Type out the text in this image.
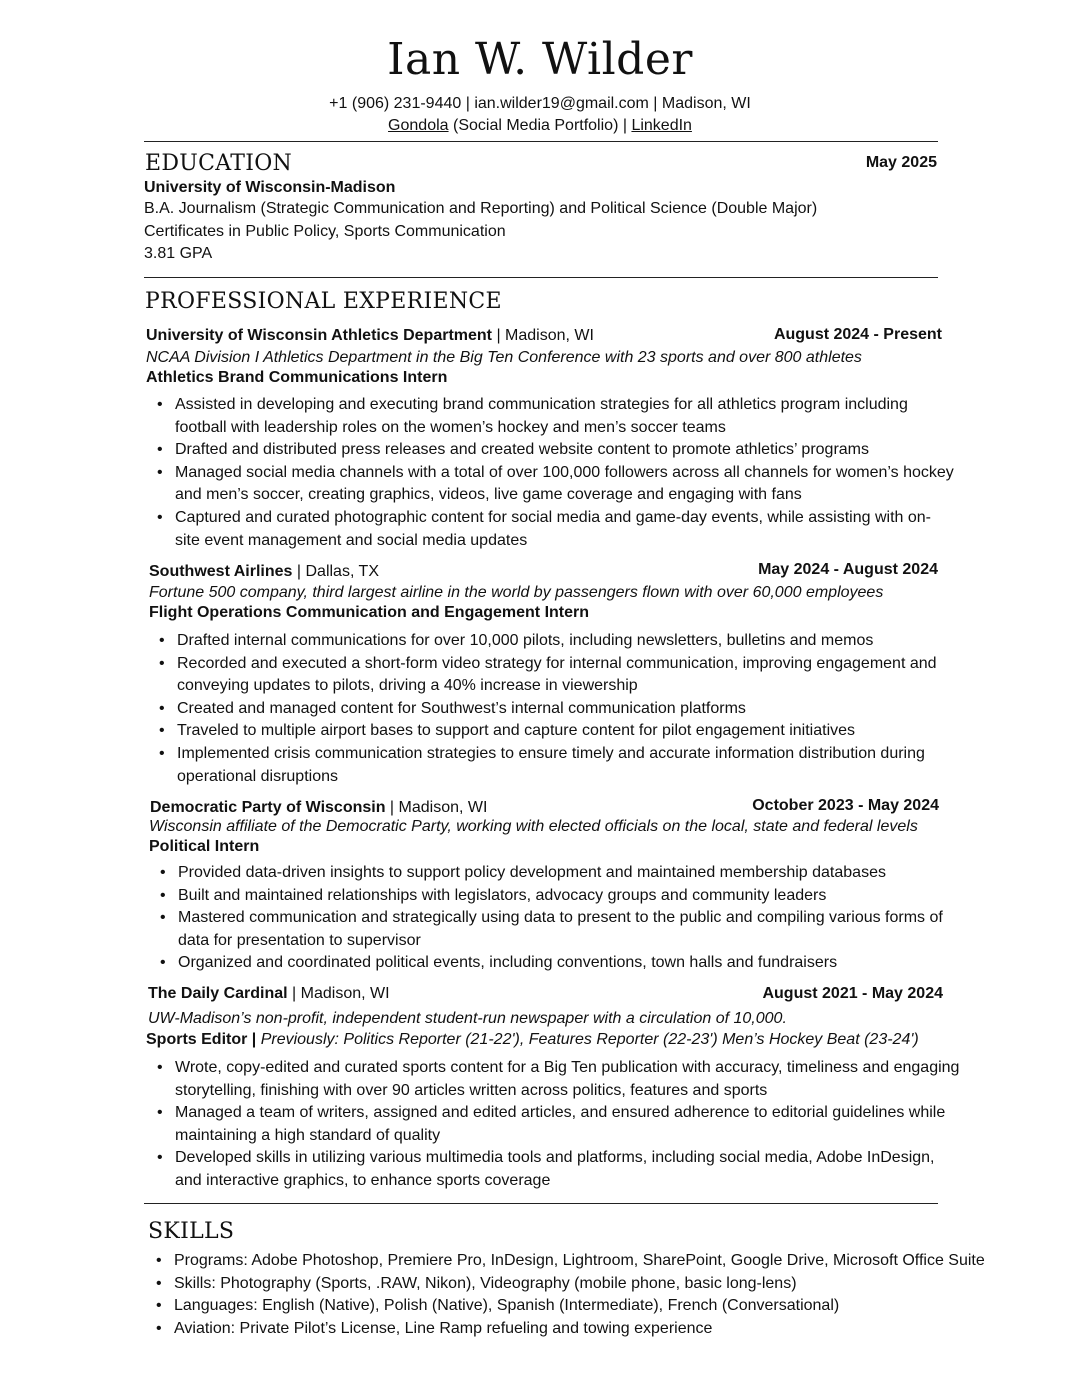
Ian W. Wilder
+1 (906) 231-9440 | ian.wilder19@gmail.com | Madison, WI
Gondola (Social Media Portfolio) | LinkedIn
EDUCATION	May 2025
University of Wisconsin-Madison
B.A. Journalism (Strategic Communication and Reporting) and Political Science (Double Major)
Certificates in Public Policy, Sports Communication
3.81 GPA
PROFESSIONAL EXPERIENCE
University of Wisconsin Athletics Department | Madison, WI	August 2024 - Present
NCAA Division I Athletics Department in the Big Ten Conference with 23 sports and over 800 athletes
Athletics Brand Communications Intern
• Assisted in developing and executing brand communication strategies for all athletics program including football with leadership roles on the women’s hockey and men’s soccer teams
• Drafted and distributed press releases and created website content to promote athletics’ programs
• Managed social media channels with a total of over 100,000 followers across all channels for women’s hockey and men’s soccer, creating graphics, videos, live game coverage and engaging with fans
• Captured and curated photographic content for social media and game-day events, while assisting with on-site event management and social media updates
Southwest Airlines | Dallas, TX	May 2024 - August 2024
Fortune 500 company, third largest airline in the world by passengers flown with over 60,000 employees
Flight Operations Communication and Engagement Intern
• Drafted internal communications for over 10,000 pilots, including newsletters, bulletins and memos
• Recorded and executed a short-form video strategy for internal communication, improving engagement and conveying updates to pilots, driving a 40% increase in viewership
• Created and managed content for Southwest’s internal communication platforms
• Traveled to multiple airport bases to support and capture content for pilot engagement initiatives
• Implemented crisis communication strategies to ensure timely and accurate information distribution during operational disruptions
Democratic Party of Wisconsin | Madison, WI	October 2023 - May 2024
Wisconsin affiliate of the Democratic Party, working with elected officials on the local, state and federal levels
Political Intern
• Provided data-driven insights to support policy development and maintained membership databases
• Built and maintained relationships with legislators, advocacy groups and community leaders
• Mastered communication and strategically using data to present to the public and compiling various forms of data for presentation to supervisor
• Organized and coordinated political events, including conventions, town halls and fundraisers
The Daily Cardinal | Madison, WI	August 2021 - May 2024
UW-Madison’s non-profit, independent student-run newspaper with a circulation of 10,000.
Sports Editor | Previously: Politics Reporter (21-22'), Features Reporter (22-23') Men’s Hockey Beat (23-24')
• Wrote, copy-edited and curated sports content for a Big Ten publication with accuracy, timeliness and engaging storytelling, finishing with over 90 articles written across politics, features and sports
• Managed a team of writers, assigned and edited articles, and ensured adherence to editorial guidelines while maintaining a high standard of quality
• Developed skills in utilizing various multimedia tools and platforms, including social media, Adobe InDesign, and interactive graphics, to enhance sports coverage
SKILLS
• Programs: Adobe Photoshop, Premiere Pro, InDesign, Lightroom, SharePoint, Google Drive, Microsoft Office Suite
• Skills: Photography (Sports, .RAW, Nikon), Videography (mobile phone, basic long-lens)
• Languages: English (Native), Polish (Native), Spanish (Intermediate), French (Conversational)
• Aviation: Private Pilot’s License, Line Ramp refueling and towing experience
